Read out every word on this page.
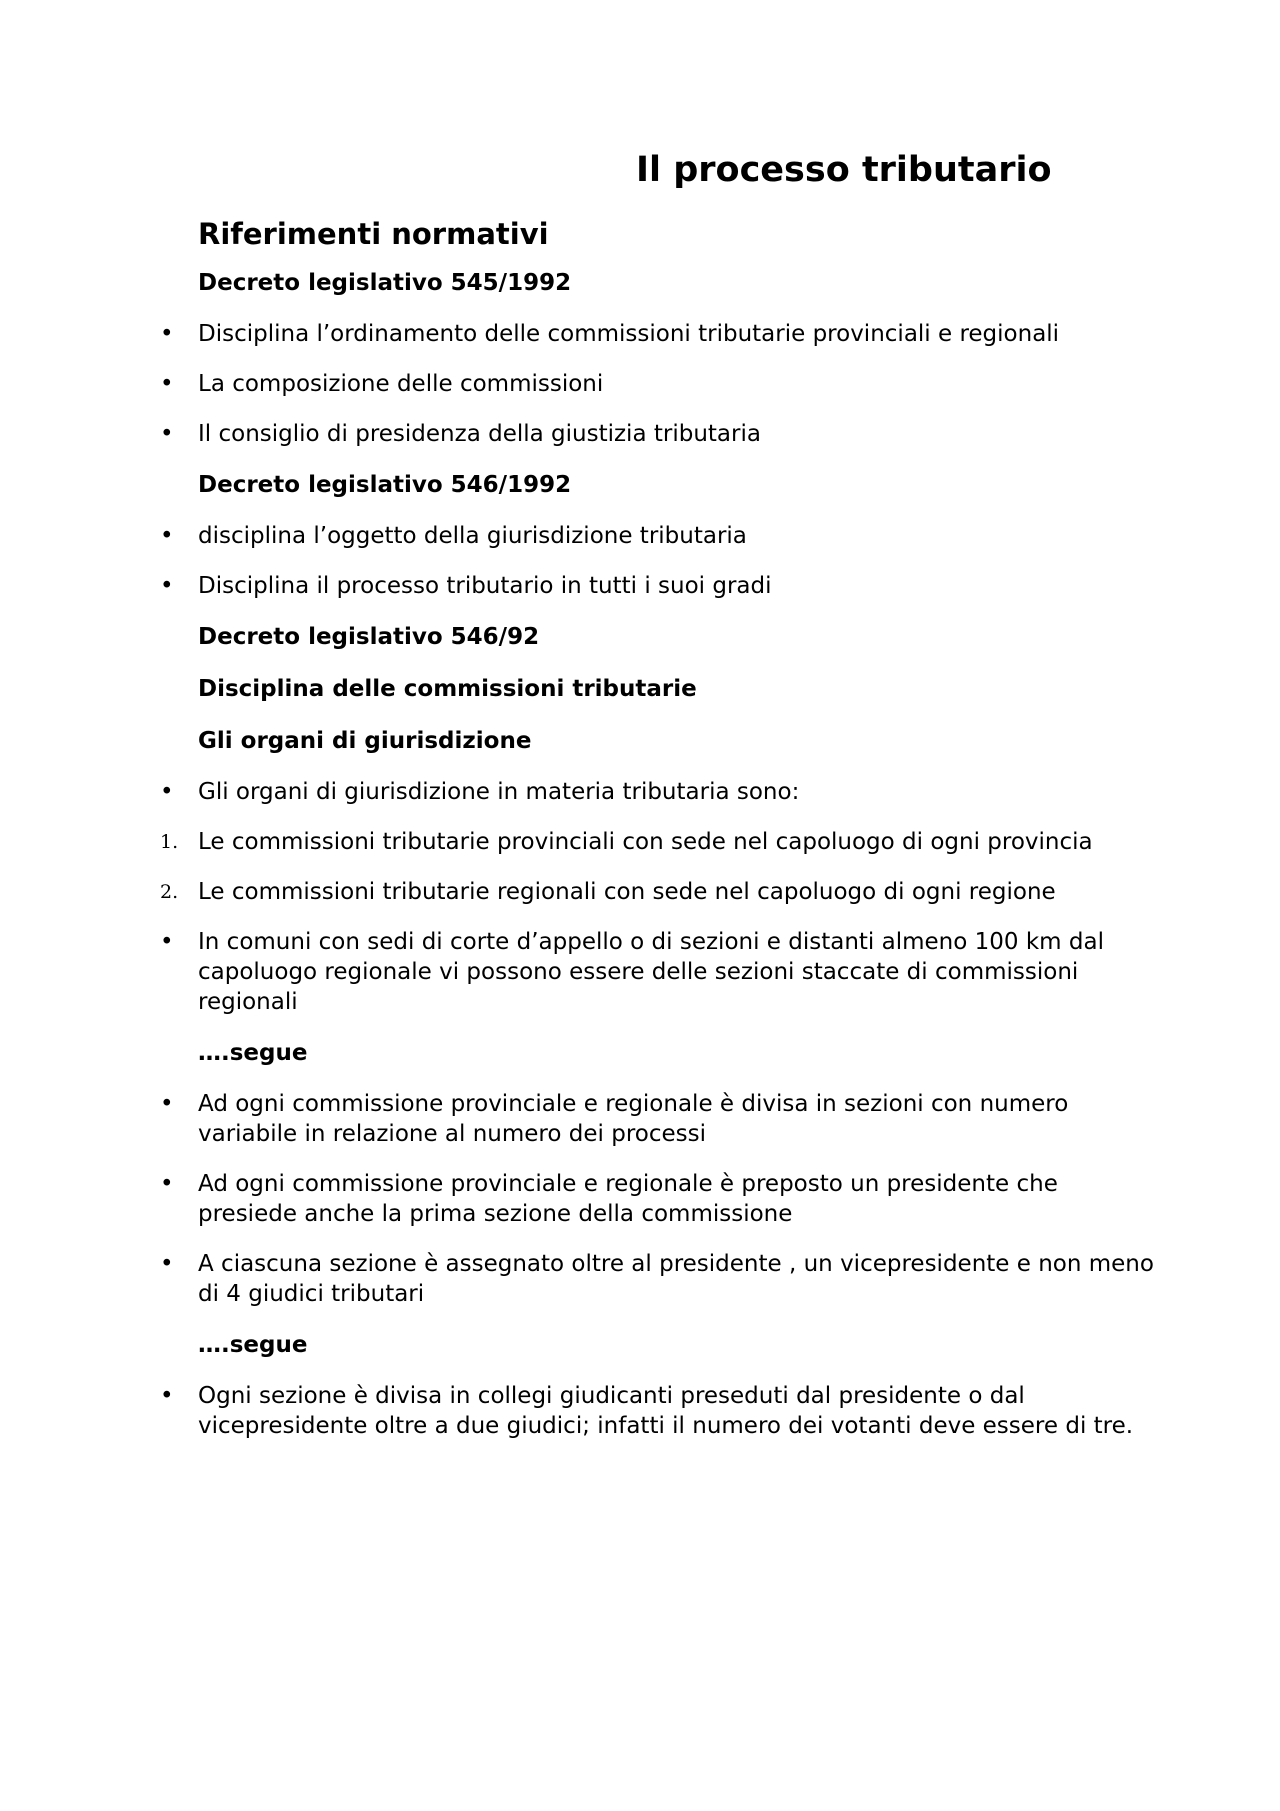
Il processo tributario
Riferimenti normativi
Decreto legislativo 545/1992
•	Disciplina l’ordinamento delle commissioni tributarie provinciali e regionali
•	La composizione delle commissioni
•	Il consiglio di presidenza della giustizia tributaria
Decreto legislativo 546/1992
•	disciplina l’oggetto della giurisdizione tributaria
•	Disciplina il processo tributario in tutti i suoi gradi
Decreto legislativo 546/92
Disciplina delle commissioni tributarie
Gli organi di giurisdizione
•	Gli organi di giurisdizione in materia tributaria sono:
1. Le commissioni tributarie provinciali con sede nel capoluogo di ogni provincia
2. Le commissioni tributarie regionali con sede nel capoluogo di ogni regione
•	In comuni con sedi di corte d’appello o di sezioni e distanti almeno 100 km dal capoluogo regionale vi possono essere delle sezioni staccate di commissioni regionali
….segue
•	Ad ogni commissione provinciale e regionale è divisa in sezioni con numero variabile in relazione al numero dei processi
•	Ad ogni commissione provinciale e regionale è preposto un presidente che presiede anche la prima sezione della commissione
•	A ciascuna sezione è assegnato oltre al presidente , un vicepresidente e non meno di 4 giudici tributari
….segue
•	Ogni sezione è divisa in collegi giudicanti preseduti dal presidente o dal vicepresidente oltre a due giudici; infatti il numero dei votanti deve essere di tre.
